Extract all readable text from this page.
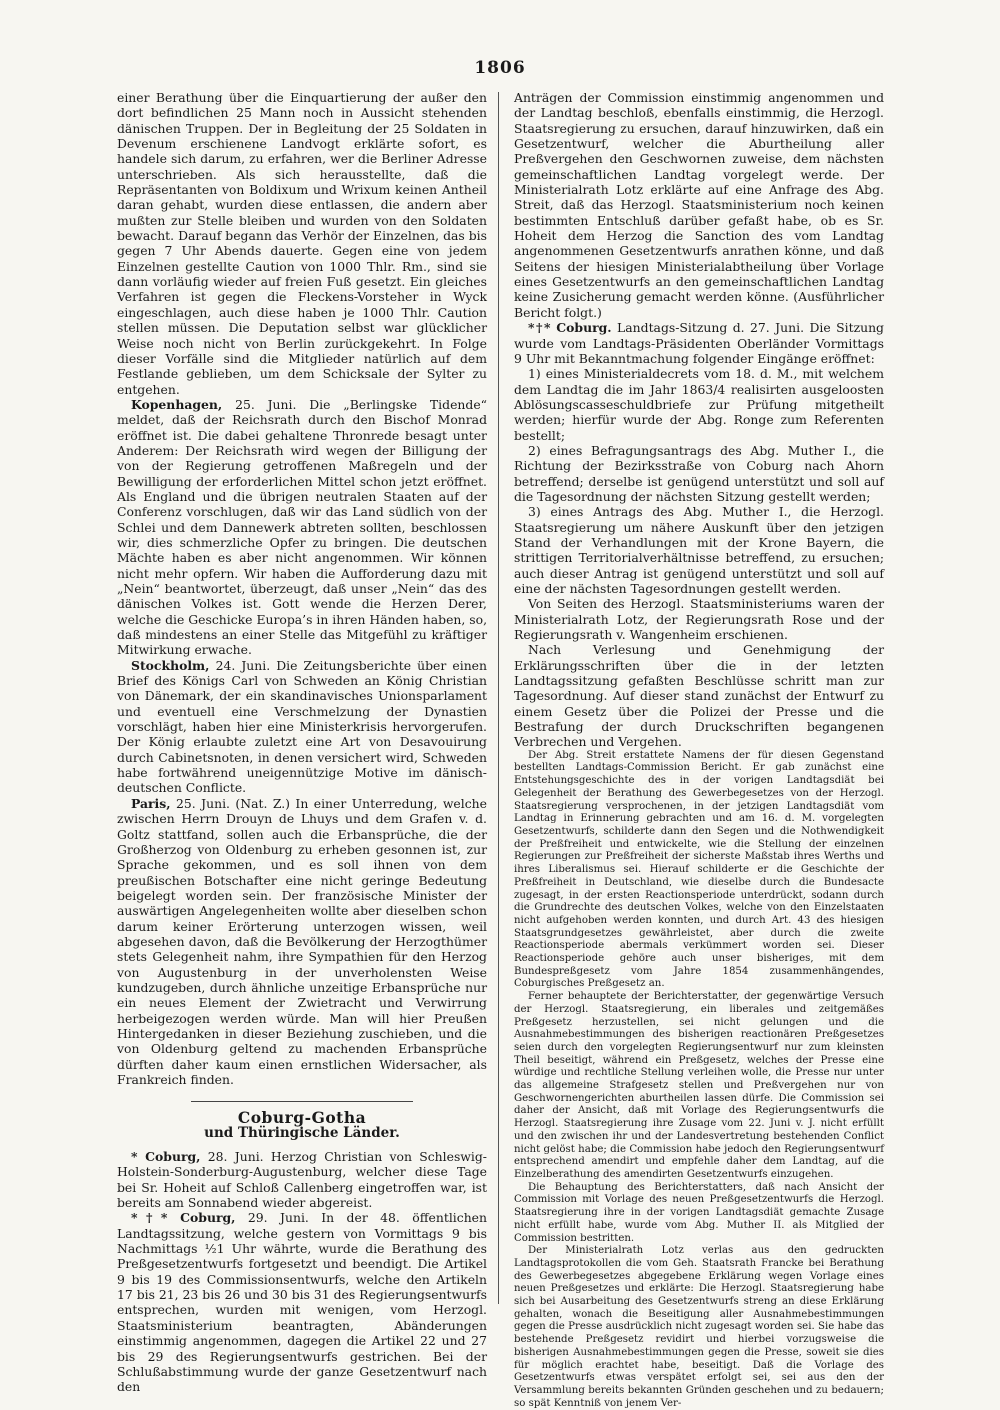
1806

einer Berathung über die Einquartierung der außer den dort befindlichen 25 Mann noch in Aussicht stehenden dänischen Truppen. Der in Begleitung der 25 Soldaten in Devenum erschienene Landvogt erklärte sofort, es handele sich darum, zu erfahren, wer die Berliner Adresse unterschrieben. Als sich herausstellte, daß die Repräsentanten von Boldixum und Wrixum keinen Antheil daran gehabt, wurden diese entlassen, die andern aber mußten zur Stelle bleiben und wurden von den Soldaten bewacht. Darauf begann das Verhör der Einzelnen, das bis gegen 7 Uhr Abends dauerte. Gegen eine von jedem Einzelnen gestellte Caution von 1000 Thlr. Rm., sind sie dann vorläufig wieder auf freien Fuß gesetzt. Ein gleiches Verfahren ist gegen die Fleckens-Vorsteher in Wyck eingeschlagen, auch diese haben je 1000 Thlr. Caution stellen müssen. Die Deputation selbst war glücklicher Weise noch nicht von Berlin zurückgekehrt. In Folge dieser Vorfälle sind die Mitglieder natürlich auf dem Festlande geblieben, um dem Schicksale der Sylter zu entgehen.

Kopenhagen, 25. Juni. Die „Berlingske Tidende“ meldet, daß der Reichsrath durch den Bischof Monrad eröffnet ist. Die dabei gehaltene Thronrede besagt unter Anderem: Der Reichsrath wird wegen der Billigung der von der Regierung getroffenen Maßregeln und der Bewilligung der erforderlichen Mittel schon jetzt eröffnet. Als England und die übrigen neutralen Staaten auf der Conferenz vorschlugen, daß wir das Land südlich von der Schlei und dem Dannewerk abtreten sollten, beschlossen wir, dies schmerzliche Opfer zu bringen. Die deutschen Mächte haben es aber nicht angenommen. Wir können nicht mehr opfern. Wir haben die Aufforderung dazu mit „Nein“ beantwortet, überzeugt, daß unser „Nein“ das des dänischen Volkes ist. Gott wende die Herzen Derer, welche die Geschicke Europa’s in ihren Händen haben, so, daß mindestens an einer Stelle das Mitgefühl zu kräftiger Mitwirkung erwache.

Stockholm, 24. Juni. Die Zeitungsberichte über einen Brief des Königs Carl von Schweden an König Christian von Dänemark, der ein skandinavisches Unionsparlament und eventuell eine Verschmelzung der Dynastien vorschlägt, haben hier eine Ministerkrisis hervorgerufen. Der König erlaubte zuletzt eine Art von Desavouirung durch Cabinetsnoten, in denen versichert wird, Schweden habe fortwährend uneigennützige Motive im dänisch-deutschen Conflicte.

Paris, 25. Juni. (Nat. Z.) In einer Unterredung, welche zwischen Herrn Drouyn de Lhuys und dem Grafen v. d. Goltz stattfand, sollen auch die Erbansprüche, die der Großherzog von Oldenburg zu erheben gesonnen ist, zur Sprache gekommen, und es soll ihnen von dem preußischen Botschafter eine nicht geringe Bedeutung beigelegt worden sein. Der französische Minister der auswärtigen Angelegenheiten wollte aber dieselben schon darum keiner Erörterung unterzogen wissen, weil abgesehen davon, daß die Bevölkerung der Herzogthümer stets Gelegenheit nahm, ihre Sympathien für den Herzog von Augustenburg in der unverholensten Weise kundzugeben, durch ähnliche unzeitige Erbansprüche nur ein neues Element der Zwietracht und Verwirrung herbeigezogen werden würde. Man will hier Preußen Hintergedanken in dieser Beziehung zuschieben, und die von Oldenburg geltend zu machenden Erbansprüche dürften daher kaum einen ernstlichen Widersacher, als Frankreich finden.

Coburg-Gotha
und Thüringische Länder.

* Coburg, 28. Juni. Herzog Christian von Schleswig-Holstein-Sonderburg-Augustenburg, welcher diese Tage bei Sr. Hoheit auf Schloß Callenberg eingetroffen war, ist bereits am Sonnabend wieder abgereist.

*†* Coburg, 29. Juni. In der 48. öffentlichen Landtagssitzung, welche gestern von Vormittags 9 bis Nachmittags ½1 Uhr währte, wurde die Berathung des Preßgesetzentwurfs fortgesetzt und beendigt. Die Artikel 9 bis 19 des Commissionsentwurfs, welche den Artikeln 17 bis 21, 23 bis 26 und 30 bis 31 des Regierungsentwurfs entsprechen, wurden mit wenigen, vom Herzogl. Staatsministerium beantragten, Abänderungen einstimmig angenommen, dagegen die Artikel 22 und 27 bis 29 des Regierungsentwurfs gestrichen. Bei der Schlußabstimmung wurde der ganze Gesetzentwurf nach den

Anträgen der Commission einstimmig angenommen und der Landtag beschloß, ebenfalls einstimmig, die Herzogl. Staatsregierung zu ersuchen, darauf hinzuwirken, daß ein Gesetzentwurf, welcher die Aburtheilung aller Preßvergehen den Geschwornen zuweise, dem nächsten gemeinschaftlichen Landtag vorgelegt werde. Der Ministerialrath Lotz erklärte auf eine Anfrage des Abg. Streit, daß das Herzogl. Staatsministerium noch keinen bestimmten Entschluß darüber gefaßt habe, ob es Sr. Hoheit dem Herzog die Sanction des vom Landtag angenommenen Gesetzentwurfs anrathen könne, und daß Seitens der hiesigen Ministerialabtheilung über Vorlage eines Gesetzentwurfs an den gemeinschaftlichen Landtag keine Zusicherung gemacht werden könne. (Ausführlicher Bericht folgt.)

*†* Coburg. Landtags-Sitzung d. 27. Juni. Die Sitzung wurde vom Landtags-Präsidenten Oberländer Vormittags 9 Uhr mit Bekanntmachung folgender Eingänge eröffnet:

1) eines Ministerialdecrets vom 18. d. M., mit welchem dem Landtag die im Jahr 1863/4 realisirten ausgeloosten Ablösungscasseschuldbriefe zur Prüfung mitgetheilt werden; hierfür wurde der Abg. Ronge zum Referenten bestellt;

2) eines Befragungsantrags des Abg. Muther I., die Richtung der Bezirksstraße von Coburg nach Ahorn betreffend; derselbe ist genügend unterstützt und soll auf die Tagesordnung der nächsten Sitzung gestellt werden;

3) eines Antrags des Abg. Muther I., die Herzogl. Staatsregierung um nähere Auskunft über den jetzigen Stand der Verhandlungen mit der Krone Bayern, die strittigen Territorialverhältnisse betreffend, zu ersuchen; auch dieser Antrag ist genügend unterstützt und soll auf eine der nächsten Tagesordnungen gestellt werden.

Von Seiten des Herzogl. Staatsministeriums waren der Ministerialrath Lotz, der Regierungsrath Rose und der Regierungsrath v. Wangenheim erschienen.

Nach Verlesung und Genehmigung der Erklärungsschriften über die in der letzten Landtagssitzung gefaßten Beschlüsse schritt man zur Tagesordnung. Auf dieser stand zunächst der Entwurf zu einem Gesetz über die Polizei der Presse und die Bestrafung der durch Druckschriften begangenen Verbrechen und Vergehen.

Der Abg. Streit erstattete Namens der für diesen Gegenstand bestellten Landtags-Commission Bericht. Er gab zunächst eine Entstehungsgeschichte des in der vorigen Landtagsdiät bei Gelegenheit der Berathung des Gewerbegesetzes von der Herzogl. Staatsregierung versprochenen, in der jetzigen Landtagsdiät vom Landtag in Erinnerung gebrachten und am 16. d. M. vorgelegten Gesetzentwurfs, schilderte dann den Segen und die Nothwendigkeit der Preßfreiheit und entwickelte, wie die Stellung der einzelnen Regierungen zur Preßfreiheit der sicherste Maßstab ihres Werths und ihres Liberalismus sei. Hierauf schilderte er die Geschichte der Preßfreiheit in Deutschland, wie dieselbe durch die Bundesacte zugesagt, in der ersten Reactionsperiode unterdrückt, sodann durch die Grundrechte des deutschen Volkes, welche von den Einzelstaaten nicht aufgehoben werden konnten, und durch Art. 43 des hiesigen Staatsgrundgesetzes gewährleistet, aber durch die zweite Reactionsperiode abermals verkümmert worden sei. Dieser Reactionsperiode gehöre auch unser bisheriges, mit dem Bundespreßgesetz vom Jahre 1854 zusammenhängendes, Coburgisches Preßgesetz an.

Ferner behauptete der Berichterstatter, der gegenwärtige Versuch der Herzogl. Staatsregierung, ein liberales und zeitgemäßes Preßgesetz herzustellen, sei nicht gelungen und die Ausnahmebestimmungen des bisherigen reactionären Preßgesetzes seien durch den vorgelegten Regierungsentwurf nur zum kleinsten Theil beseitigt, während ein Preßgesetz, welches der Presse eine würdige und rechtliche Stellung verleihen wolle, die Presse nur unter das allgemeine Strafgesetz stellen und Preßvergehen nur von Geschwornengerichten aburtheilen lassen dürfe. Die Commission sei daher der Ansicht, daß mit Vorlage des Regierungsentwurfs die Herzogl. Staatsregierung ihre Zusage vom 22. Juni v. J. nicht erfüllt und den zwischen ihr und der Landesvertretung bestehenden Conflict nicht gelöst habe; die Commission habe jedoch den Regierungsentwurf entsprechend amendirt und empfehle daher dem Landtag, auf die Einzelberathung des amendirten Gesetzentwurfs einzugehen.

Die Behauptung des Berichterstatters, daß nach Ansicht der Commission mit Vorlage des neuen Preßgesetzentwurfs die Herzogl. Staatsregierung ihre in der vorigen Landtagsdiät gemachte Zusage nicht erfüllt habe, wurde vom Abg. Muther II. als Mitglied der Commission bestritten.

Der Ministerialrath Lotz verlas aus den gedruckten Landtagsprotokollen die vom Geh. Staatsrath Francke bei Berathung des Gewerbegesetzes abgegebene Erklärung wegen Vorlage eines neuen Preßgesetzes und erklärte: Die Herzogl. Staatsregierung habe sich bei Ausarbeitung des Gesetzentwurfs streng an diese Erklärung gehalten, wonach die Beseitigung aller Ausnahmebestimmungen gegen die Presse ausdrücklich nicht zugesagt worden sei. Sie habe das bestehende Preßgesetz revidirt und hierbei vorzugsweise die bisherigen Ausnahmebestimmungen gegen die Presse, soweit sie dies für möglich erachtet habe, beseitigt. Daß die Vorlage des Gesetzentwurfs etwas verspätet erfolgt sei, sei aus den der Versammlung bereits bekannten Gründen geschehen und zu bedauern; so spät Kenntniß von jenem Ver-
